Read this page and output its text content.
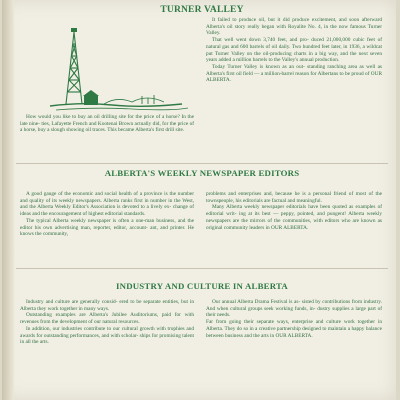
TURNER VALLEY

How would you like to buy an oil drilling site for the price of a horse? In the late nine- ties, Lafayette French and Kootenai Brown actually did, for the price of a horse, buy a slough showing oil traces. This became Alberta's first drill site.

It failed to produce oil, but it did produce excitement, and soon afterward Alberta's oil story really began with Royalite No. 4, in the now famous Turner Valley.

That well went down 3,740 feet, and pro- duced 21,000,000 cubic feet of natural gas and 600 barrels of oil daily. Two hundred feet later, in 1936, a wildcat put Turner Valley on the oil-producing charts in a big way, and the next seven years added a million barrels to the Valley's annual production.

Today Turner Valley is known as an out- standing ranching area as well as Alberta's first oil field — a million-barrel reason for Albertans to be proud of OUR ALBERTA.

ALBERTA'S WEEKLY NEWSPAPER EDITORS

A good gauge of the economic and social health of a province is the number and quality of its weekly newspapers. Alberta ranks first in number in the West, and the Alberta Weekly Editor's Association is devoted to a lively ex- change of ideas and the encouragement of highest editorial standards.

The typical Alberta weekly newspaper is often a one-man business, and the editor his own advertising man, reporter, editor, account- ant, and printer. He knows the community,

problems and enterprises and, because he is a personal friend of most of the townspeople, his editorials are factual and meaningful.

Many Alberta weekly newspaper editorials have been quoted as examples of editorial writ- ing at its best — peppy, pointed, and pungent! Alberta weekly newspapers are the mirrors of the communities, with editors who are known as original community leaders in OUR ALBERTA.

INDUSTRY AND CULTURE IN ALBERTA

Industry and culture are generally consid- ered to be separate entities, but in Alberta they work together in many ways.

Outstanding examples are Alberta's Jubilee Auditoriums, paid for with revenues from the development of our natural resources.

In addition, our industries contribute to our cultural growth with trophies and awards for outstanding performances, and with scholar- ships for promising talent in all the arts.

Our annual Alberta Drama Festival is as- sisted by contributions from industry. And when cultural groups seek working funds, in- dustry supplies a large part of their needs.

Far from going their separate ways, enterprise and culture work together in Alberta. They do so in a creative partnership designed to maintain a happy balance between business and the arts in OUR ALBERTA.
